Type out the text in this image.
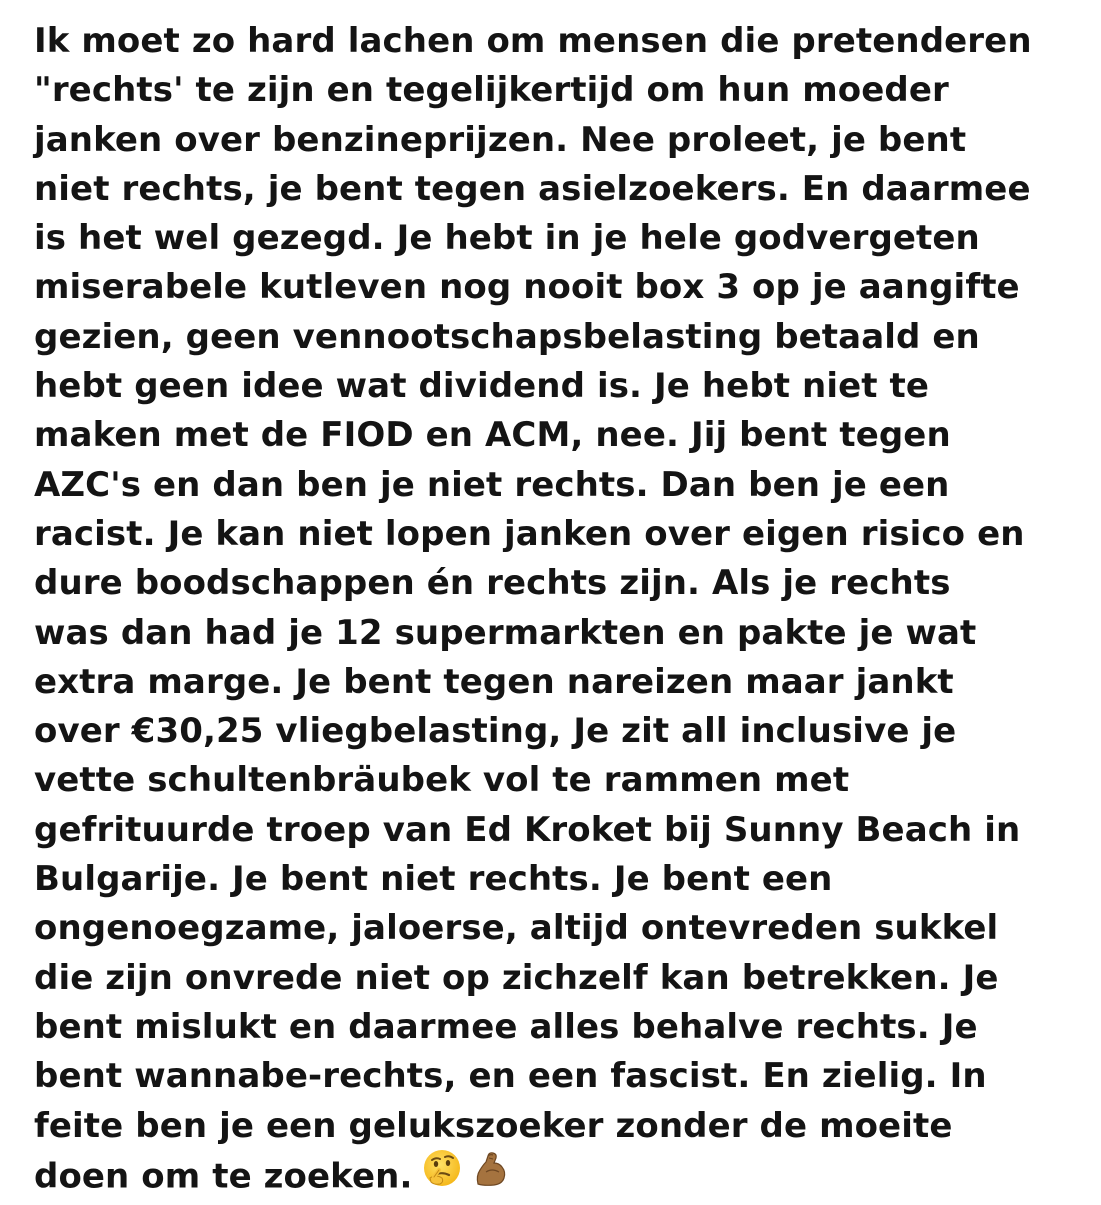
Ik moet zo hard lachen om mensen die pretenderen
"rechts' te zijn en tegelijkertijd om hun moeder
janken over benzineprijzen. Nee proleet, je bent
niet rechts, je bent tegen asielzoekers. En daarmee
is het wel gezegd. Je hebt in je hele godvergeten
miserabele kutleven nog nooit box 3 op je aangifte
gezien, geen vennootschapsbelasting betaald en
hebt geen idee wat dividend is. Je hebt niet te
maken met de FIOD en ACM, nee. Jij bent tegen
AZC's en dan ben je niet rechts. Dan ben je een
racist. Je kan niet lopen janken over eigen risico en
dure boodschappen én rechts zijn. Als je rechts
was dan had je 12 supermarkten en pakte je wat
extra marge. Je bent tegen nareizen maar jankt
over €30,25 vliegbelasting, Je zit all inclusive je
vette schultenbräubek vol te rammen met
gefrituurde troep van Ed Kroket bij Sunny Beach in
Bulgarije. Je bent niet rechts. Je bent een
ongenoegzame, jaloerse, altijd ontevreden sukkel
die zijn onvrede niet op zichzelf kan betrekken. Je
bent mislukt en daarmee alles behalve rechts. Je
bent wannabe-rechts, en een fascist. En zielig. In
feite ben je een gelukszoeker zonder de moeite
doen om te zoeken.
